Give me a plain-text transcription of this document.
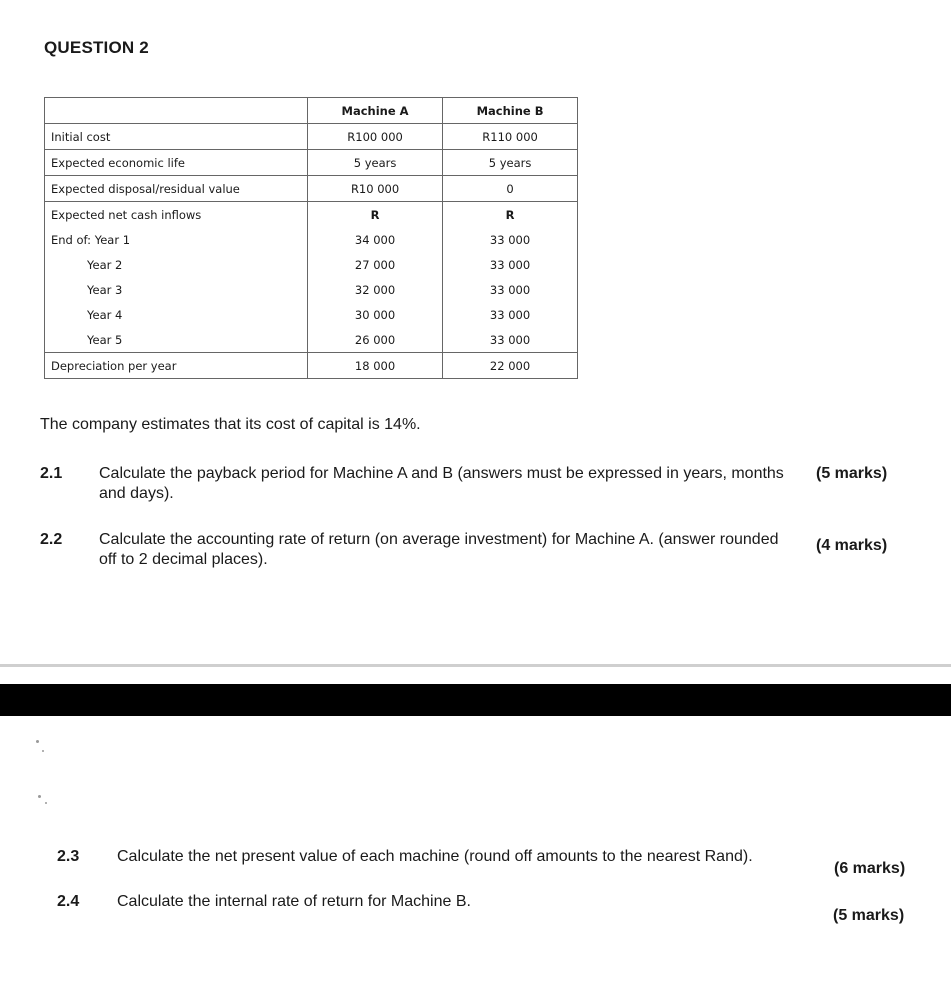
QUESTION 2
	Machine A	Machine B
Initial cost	R100 000	R110 000
Expected economic life	5 years	5 years
Expected disposal/residual value	R10 000	0
Expected net cash inflows	R	R
End of: Year 1	34 000	33 000
Year 2	27 000	33 000
Year 3	32 000	33 000
Year 4	30 000	33 000
Year 5	26 000	33 000
Depreciation per year	18 000	22 000
The company estimates that its cost of capital is 14%.
2.1 Calculate the payback period for Machine A and B (answers must be expressed in years, months and days).
(5 marks)
2.2 Calculate the accounting rate of return (on average investment) for Machine A. (answer rounded off to 2 decimal places).
(4 marks)
2.3 Calculate the net present value of each machine (round off amounts to the nearest Rand).
(6 marks)
2.4 Calculate the internal rate of return for Machine B.
(5 marks)
